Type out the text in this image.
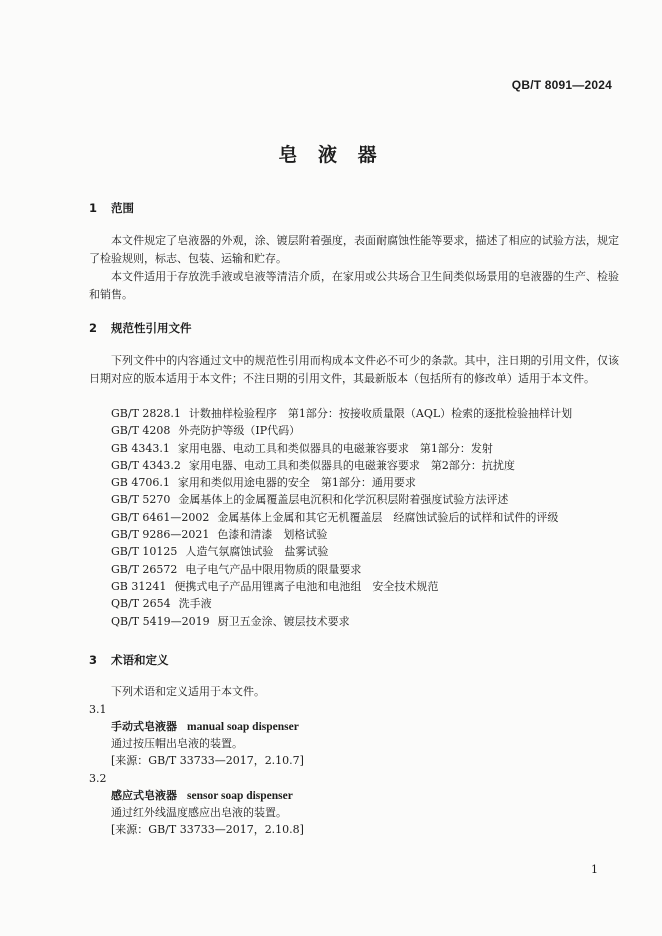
QB/T 8091—2024
皂 液 器
1 范围

本文件规定了皂液器的外观，涂、镀层附着强度，表面耐腐蚀性能等要求，描述了相应的试验方法，规定了检验规则，标志、包装、运输和贮存。

本文件适用于存放洗手液或皂液等清洁介质，在家用或公共场合卫生间类似场景用的皂液器的生产、检验和销售。

2 规范性引用文件

下列文件中的内容通过文中的规范性引用而构成本文件必不可少的条款。其中，注日期的引用文件，仅该日期对应的版本适用于本文件；不注日期的引用文件，其最新版本（包括所有的修改单）适用于本文件。

GB/T 2828.1 计数抽样检验程序　第1部分：按接收质量限（AQL）检索的逐批检验抽样计划
GB/T 4208 外壳防护等级（IP代码）
GB 4343.1 家用电器、电动工具和类似器具的电磁兼容要求　第1部分：发射
GB/T 4343.2 家用电器、电动工具和类似器具的电磁兼容要求　第2部分：抗扰度
GB 4706.1 家用和类似用途电器的安全　第1部分：通用要求
GB/T 5270 金属基体上的金属覆盖层电沉积和化学沉积层附着强度试验方法评述
GB/T 6461—2002 金属基体上金属和其它无机覆盖层　经腐蚀试验后的试样和试件的评级
GB/T 9286—2021 色漆和清漆　划格试验
GB/T 10125 人造气氛腐蚀试验　盐雾试验
GB/T 26572 电子电气产品中限用物质的限量要求
GB 31241 便携式电子产品用锂离子电池和电池组　安全技术规范
QB/T 2654 洗手液
QB/T 5419—2019 厨卫五金涂、镀层技术要求
3 术语和定义
下列术语和定义适用于本文件。
3.1
手动式皂液器 manual soap dispenser
通过按压帽出皂液的装置。
[来源：GB/T 33733—2017，2.10.7]
3.2
感应式皂液器 sensor soap dispenser
通过红外线温度感应出皂液的装置。
[来源：GB/T 33733—2017，2.10.8]
1
